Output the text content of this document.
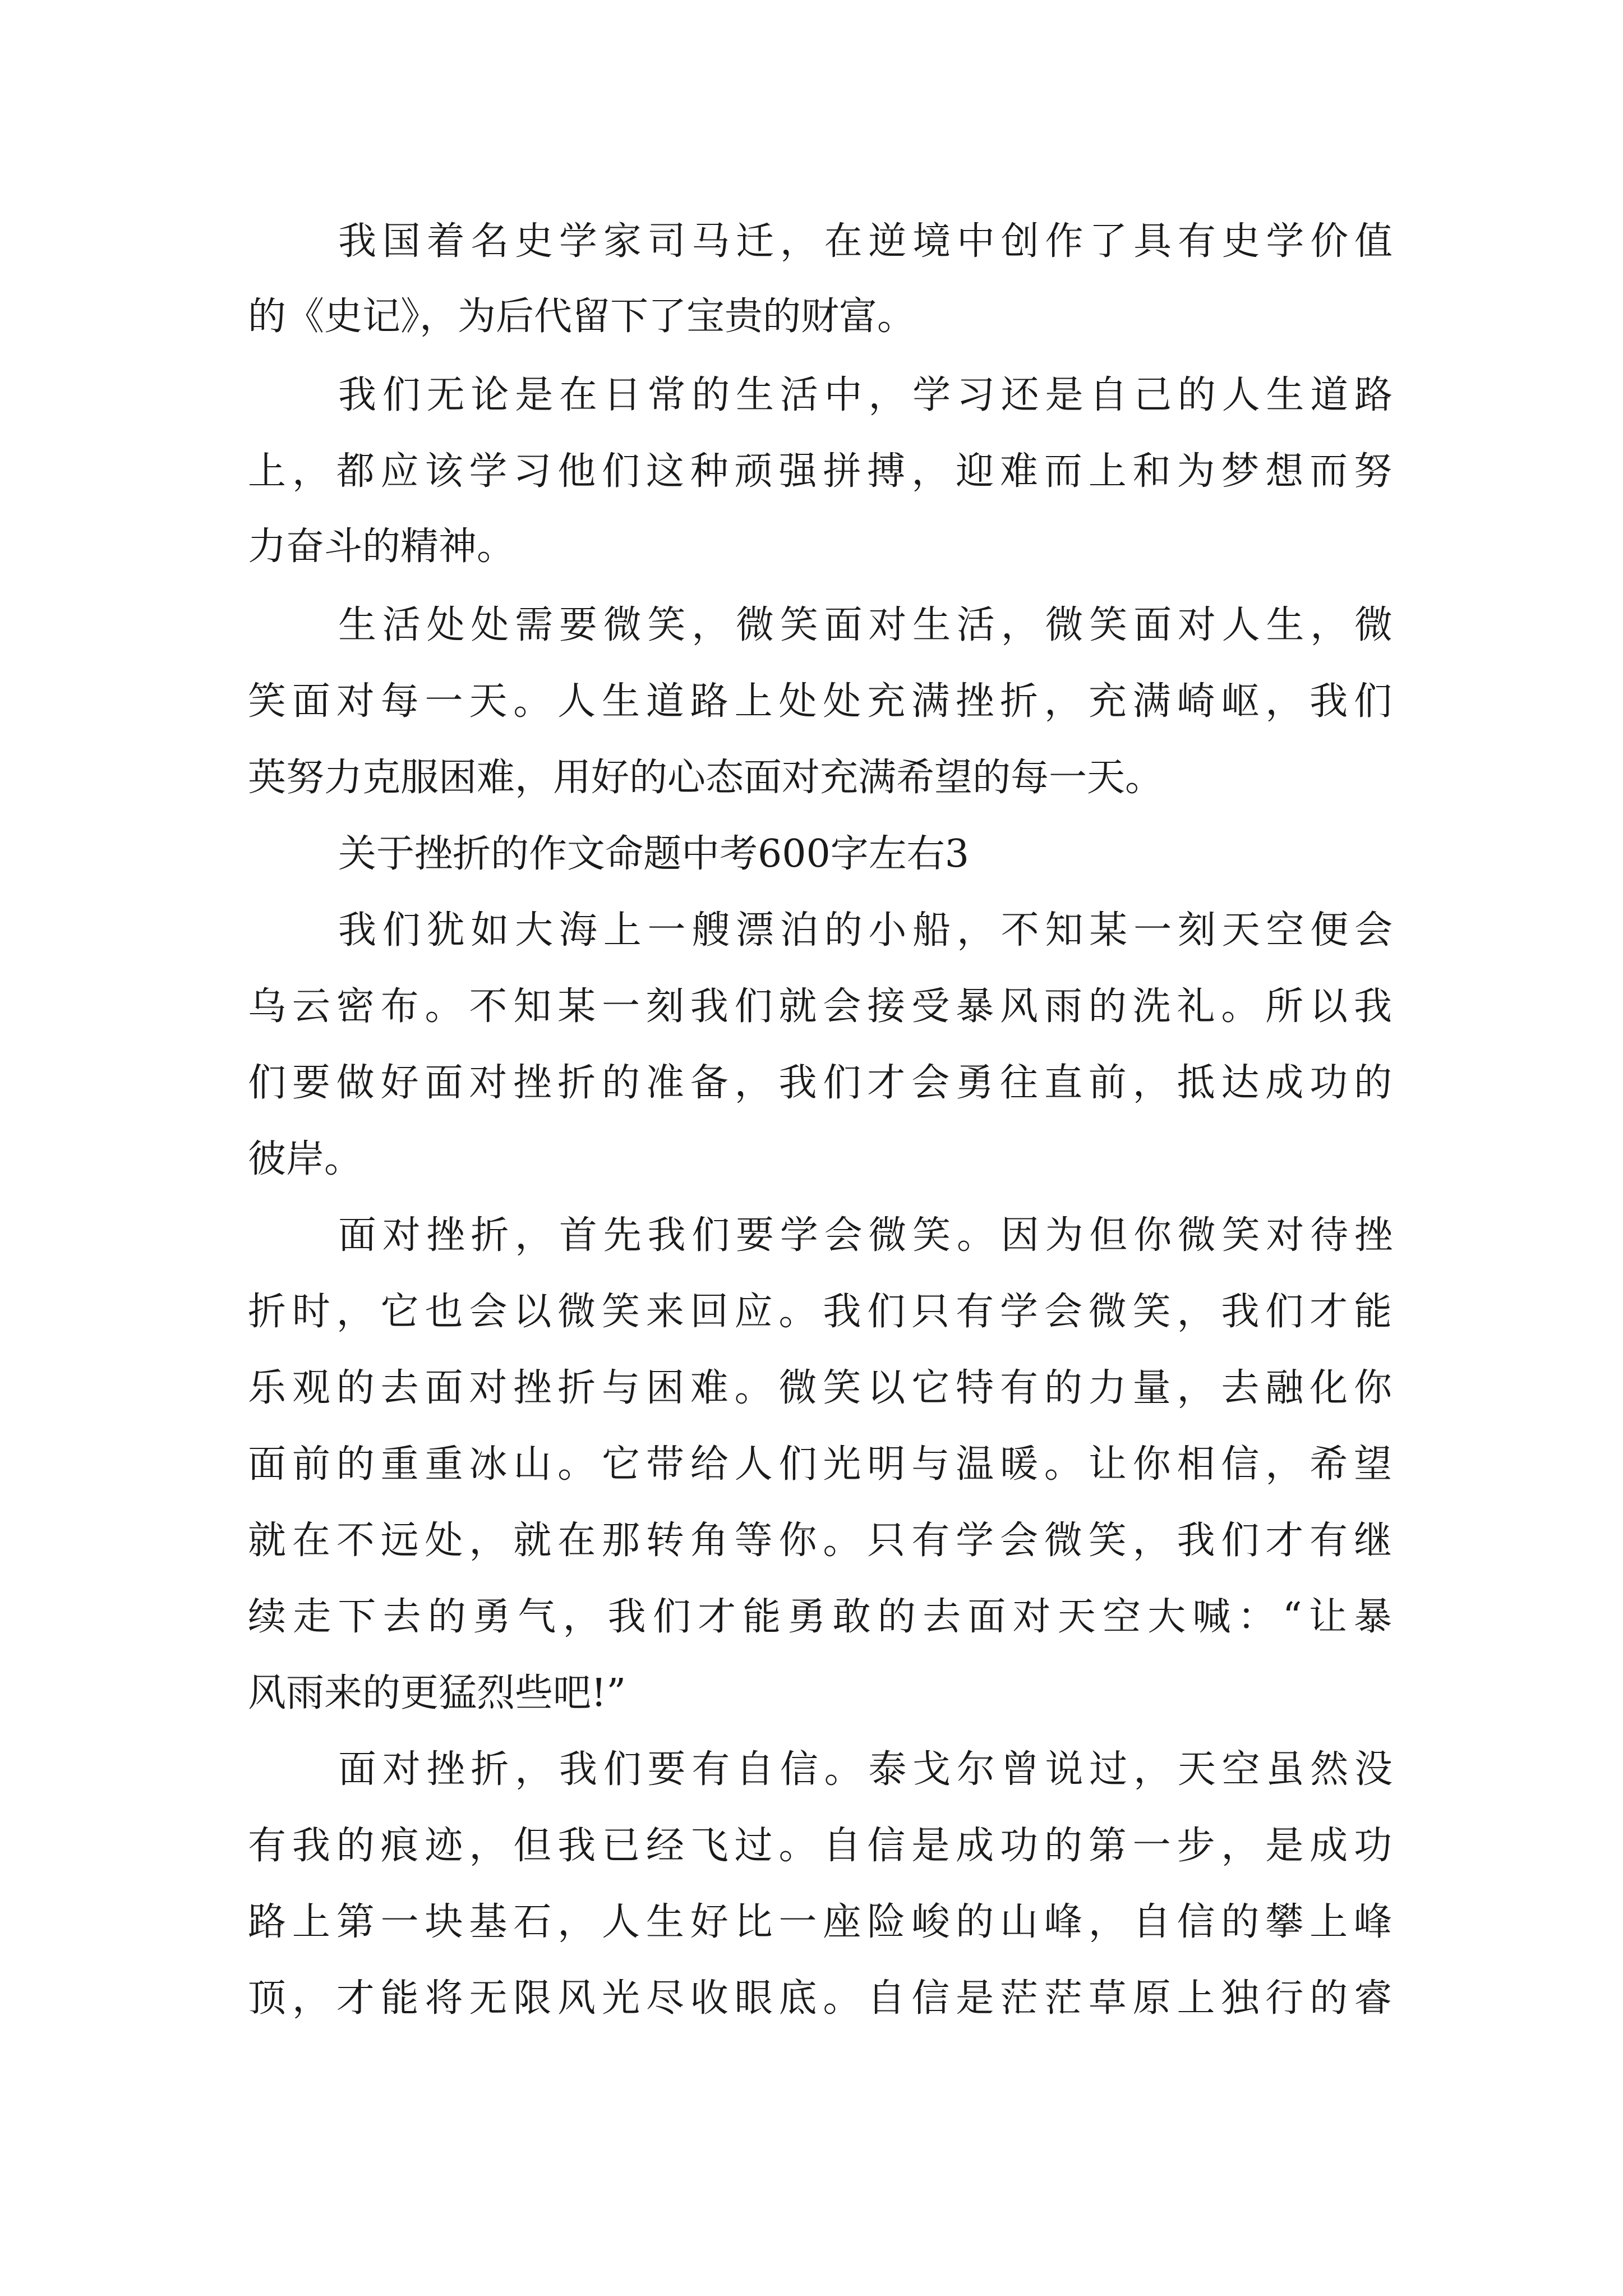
我国着名史学家司马迁，在逆境中创作了具有史学价值
的《史记》，为后代留下了宝贵的财富。
我们无论是在日常的生活中，学习还是自己的人生道路
上，都应该学习他们这种顽强拼搏，迎难而上和为梦想而努
力奋斗的精神。
生活处处需要微笑，微笑面对生活，微笑面对人生，微
笑面对每一天。人生道路上处处充满挫折，充满崎岖，我们
英努力克服困难，用好的心态面对充满希望的每一天。
关于挫折的作文命题中考600字左右3
我们犹如大海上一艘漂泊的小船，不知某一刻天空便会
乌云密布。不知某一刻我们就会接受暴风雨的洗礼。所以我
们要做好面对挫折的准备，我们才会勇往直前，抵达成功的
彼岸。
面对挫折，首先我们要学会微笑。因为但你微笑对待挫
折时，它也会以微笑来回应。我们只有学会微笑，我们才能
乐观的去面对挫折与困难。微笑以它特有的力量，去融化你
面前的重重冰山。它带给人们光明与温暖。让你相信，希望
就在不远处，就在那转角等你。只有学会微笑，我们才有继
续走下去的勇气，我们才能勇敢的去面对天空大喊：“让暴
风雨来的更猛烈些吧!”
面对挫折，我们要有自信。泰戈尔曾说过，天空虽然没
有我的痕迹，但我已经飞过。自信是成功的第一步，是成功
路上第一块基石，人生好比一座险峻的山峰，自信的攀上峰
顶，才能将无限风光尽收眼底。自信是茫茫草原上独行的睿
